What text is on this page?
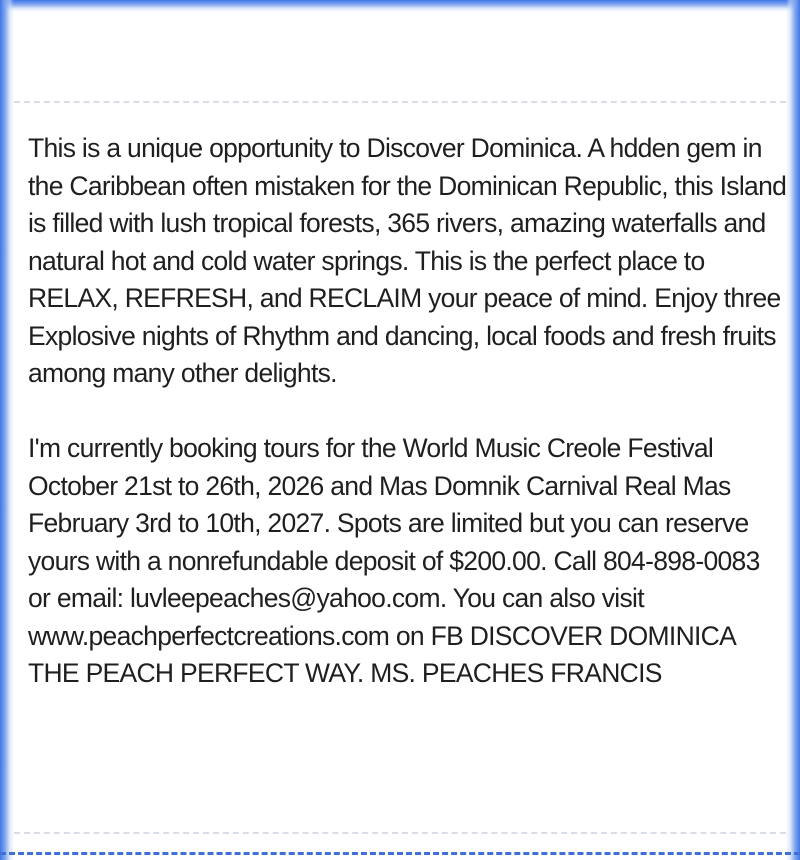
This is a unique opportunity to Discover Dominica. A hdden gem in the Caribbean often mistaken for the Dominican Republic, this Island is filled with lush tropical forests, 365 rivers, amazing waterfalls and natural hot and cold water springs. This is the perfect place to RELAX, REFRESH, and RECLAIM your peace of mind. Enjoy three Explosive nights of Rhythm and dancing, local foods and fresh fruits among many other delights.

I'm currently booking tours for the World Music Creole Festival October 21st to 26th, 2026 and Mas Domnik Carnival Real Mas February 3rd to 10th, 2027. Spots are limited but you can reserve yours with a nonrefundable deposit of $200.00. Call 804-898-0083 or email: luvleepeaches@yahoo.com. You can also visit www.peachperfectcreations.com on FB DISCOVER DOMINICA THE PEACH PERFECT WAY. MS. PEACHES FRANCIS
